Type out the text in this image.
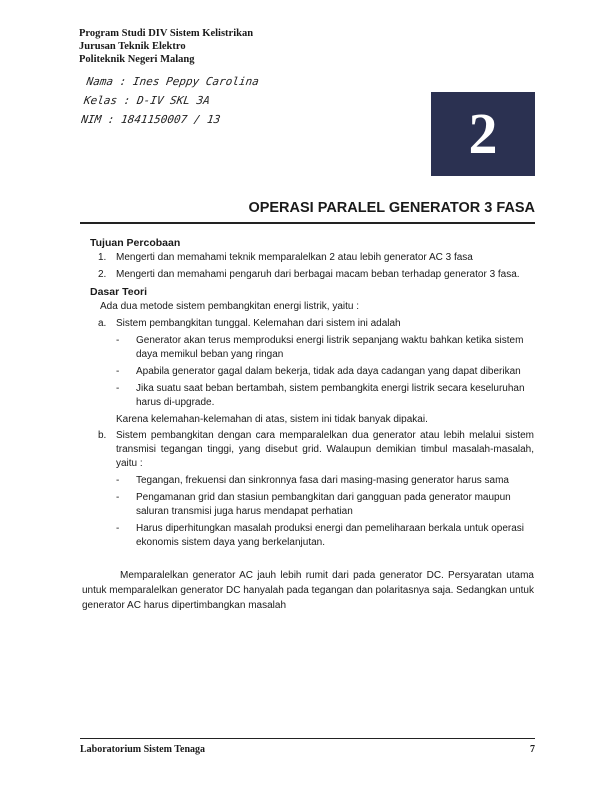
Program Studi DIV Sistem Kelistrikan
Jurusan Teknik Elektro
Politeknik Negeri Malang
Nama : Ines Peppy Carolina
Kelas : D-IV SKL 3A
NIM : 1841150007 / 13	2
OPERASI PARALEL GENERATOR 3 FASA
Tujuan Percobaan
1. Mengerti dan memahami teknik memparalelkan 2 atau lebih generator AC 3 fasa
2. Mengerti dan memahami pengaruh dari berbagai macam beban terhadap generator 3 fasa.
Dasar Teori
Ada dua metode sistem pembangkitan energi listrik, yaitu :
a. Sistem pembangkitan tunggal. Kelemahan dari sistem ini adalah
-	Generator akan terus memproduksi energi listrik sepanjang waktu bahkan ketika sistem daya memikul beban yang ringan
-	Apabila generator gagal dalam bekerja, tidak ada daya cadangan yang dapat diberikan
-	Jika suatu saat beban bertambah, sistem pembangkita energi listrik secara keseluruhan harus di-upgrade.
Karena kelemahan-kelemahan di atas, sistem ini tidak banyak dipakai.
b. Sistem pembangkitan dengan cara memparalelkan dua generator atau lebih melalui sistem transmisi tegangan tinggi, yang disebut grid. Walaupun demikian timbul masalah-masalah, yaitu :
-	Tegangan, frekuensi dan sinkronnya fasa dari masing-masing generator harus sama
-	Pengamanan grid dan stasiun pembangkitan dari gangguan pada generator maupun saluran transmisi juga harus mendapat perhatian
-	Harus diperhitungkan masalah produksi energi dan pemeliharaan berkala untuk operasi ekonomis sistem daya yang berkelanjutan.
Memparalelkan generator AC jauh lebih rumit dari pada generator DC. Persyaratan utama untuk memparalelkan generator DC hanyalah pada tegangan dan polaritasnya saja. Sedangkan untuk generator AC harus dipertimbangkan masalah
Laboratorium Sistem Tenaga	7
